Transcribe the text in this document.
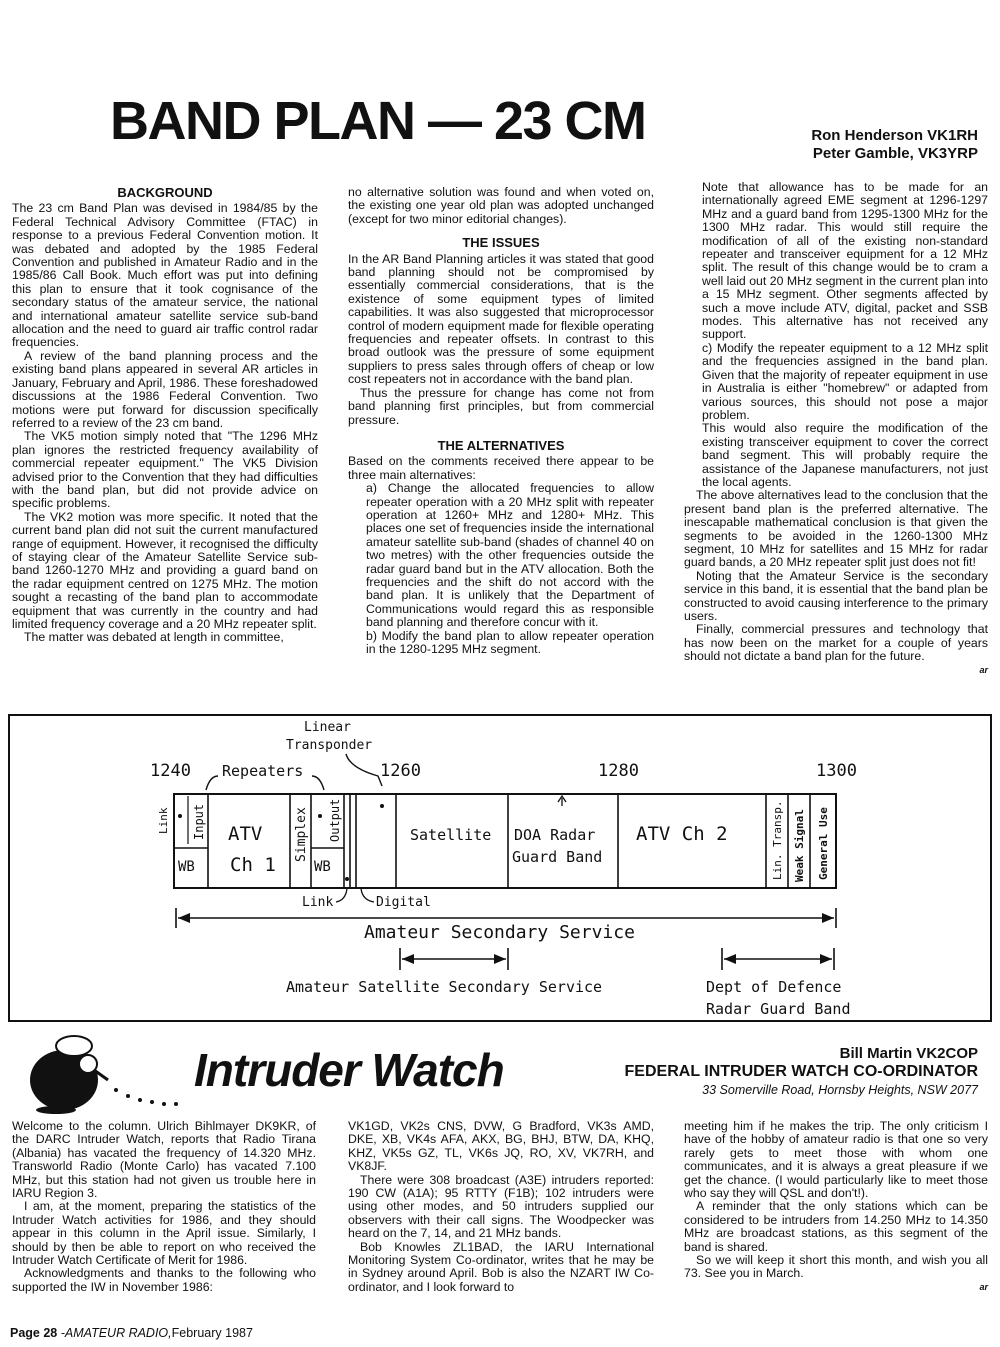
BAND PLAN — 23 CM	Ron Henderson VK1RH
Peter Gamble, VK3YRP
BACKGROUND

The 23 cm Band Plan was devised in 1984/85 by the Federal Technical Advisory Committee (FTAC) in response to a previous Federal Convention motion. It was debated and adopted by the 1985 Federal Convention and published in Amateur Radio and in the 1985/86 Call Book. Much effort was put into defining this plan to ensure that it took cognisance of the secondary status of the amateur service, the national and international amateur satellite service sub-band allocation and the need to guard air traffic control radar frequencies.

A review of the band planning process and the existing band plans appeared in several AR articles in January, February and April, 1986. These foreshadowed discussions at the 1986 Federal Convention. Two motions were put forward for discussion specifically referred to a review of the 23 cm band.

The VK5 motion simply noted that "The 1296 MHz plan ignores the restricted frequency availability of commercial repeater equipment." The VK5 Division advised prior to the Convention that they had difficulties with the band plan, but did not provide advice on specific problems.

The VK2 motion was more specific. It noted that the current band plan did not suit the current manufactured range of equipment. However, it recognised the difficulty of staying clear of the Amateur Satellite Service sub-band 1260-1270 MHz and providing a guard band on the radar equipment centred on 1275 MHz. The motion sought a recasting of the band plan to accommodate equipment that was currently in the country and had limited frequency coverage and a 20 MHz repeater split.

The matter was debated at length in committee,

no alternative solution was found and when voted on, the existing one year old plan was adopted unchanged (except for two minor editorial changes).

THE ISSUES

In the AR Band Planning articles it was stated that good band planning should not be compromised by essentially commercial considerations, that is the existence of some equipment types of limited capabilities. It was also suggested that microprocessor control of modern equipment made for flexible operating frequencies and repeater offsets. In contrast to this broad outlook was the pressure of some equipment suppliers to press sales through offers of cheap or low cost repeaters not in accordance with the band plan.

Thus the pressure for change has come not from band planning first principles, but from commercial pressure.

THE ALTERNATIVES

Based on the comments received there appear to be three main alternatives:

a) Change the allocated frequencies to allow repeater operation with a 20 MHz split with repeater operation at 1260+ MHz and 1280+ MHz. This places one set of frequencies inside the international amateur satellite sub-band (shades of channel 40 on two metres) with the other frequencies outside the radar guard band but in the ATV allocation. Both the frequencies and the shift do not accord with the band plan. It is unlikely that the Department of Communications would regard this as responsible band planning and therefore concur with it.

b) Modify the band plan to allow repeater operation in the 1280-1295 MHz segment.

Note that allowance has to be made for an internationally agreed EME segment at 1296-1297 MHz and a guard band from 1295-1300 MHz for the 1300 MHz radar. This would still require the modification of all of the existing non-standard repeater and transceiver equipment for a 12 MHz split. The result of this change would be to cram a well laid out 20 MHz segment in the current plan into a 15 MHz segment. Other segments affected by such a move include ATV, digital, packet and SSB modes. This alternative has not received any support.

c) Modify the repeater equipment to a 12 MHz split and the frequencies assigned in the band plan. Given that the majority of repeater equipment in use in Australia is either "homebrew" or adapted from various sources, this should not pose a major problem.

This would also require the modification of the existing transceiver equipment to cover the correct band segment. This will probably require the assistance of the Japanese manufacturers, not just the local agents.

The above alternatives lead to the conclusion that the present band plan is the preferred alternative. The inescapable mathematical conclusion is that given the segments to be avoided in the 1260-1300 MHz segment, 10 MHz for satellites and 15 MHz for radar guard bands, a 20 MHz repeater split just does not fit!

Noting that the Amateur Service is the secondary service in this band, it is essential that the band plan be constructed to avoid causing interference to the primary users.

Finally, commercial pressures and technology that has now been on the market for a couple of years should not dictate a band plan for the future.

ar
Linear
Transponder
1240	1260	1280	1300
Repeaters
Link Input	Simplex Output	Lin. Transp. Weak Signal General Use
ATV
Ch 1
WB	WB
Satellite DOA Radar
Guard Band
ATV Ch 2
Link	Digital
Amateur Secondary Service
Amateur Satellite Secondary Service	Dept of Defence
Radar Guard Band
Intruder Watch	Bill Martin VK2COP
FEDERAL INTRUDER WATCH CO-ORDINATOR
33 Somerville Road, Hornsby Heights, NSW 2077

Welcome to the column. Ulrich Bihlmayer DK9KR, of the DARC Intruder Watch, reports that Radio Tirana (Albania) has vacated the frequency of 14.320 MHz. Transworld Radio (Monte Carlo) has vacated 7.100 MHz, but this station had not given us trouble here in IARU Region 3.

I am, at the moment, preparing the statistics of the Intruder Watch activities for 1986, and they should appear in this column in the April issue. Similarly, I should by then be able to report on who received the Intruder Watch Certificate of Merit for 1986.

Acknowledgments and thanks to the following who supported the IW in November 1986:

VK1GD, VK2s CNS, DVW, G Bradford, VK3s AMD, DKE, XB, VK4s AFA, AKX, BG, BHJ, BTW, DA, KHQ, KHZ, VK5s GZ, TL, VK6s JQ, RO, XV, VK7RH, and VK8JF.

There were 308 broadcast (A3E) intruders reported: 190 CW (A1A); 95 RTTY (F1B); 102 intruders were using other modes, and 50 intruders supplied our observers with their call signs. The Woodpecker was heard on the 7, 14, and 21 MHz bands.

Bob Knowles ZL1BAD, the IARU International Monitoring System Co-ordinator, writes that he may be in Sydney around April. Bob is also the NZART IW Co- ordinator, and I look forward to

meeting him if he makes the trip. The only criticism I have of the hobby of amateur radio is that one so very rarely gets to meet those with whom one communicates, and it is always a great pleasure if we get the chance. (I would particularly like to meet those who say they will QSL and don't!).

A reminder that the only stations which can be considered to be intruders from 14.250 MHz to 14.350 MHz are broadcast stations, as this segment of the band is shared.

So we will keep it short this month, and wish you all 73. See you in March.

ar
Page 28 -AMATEUR RADIO,February 1987
